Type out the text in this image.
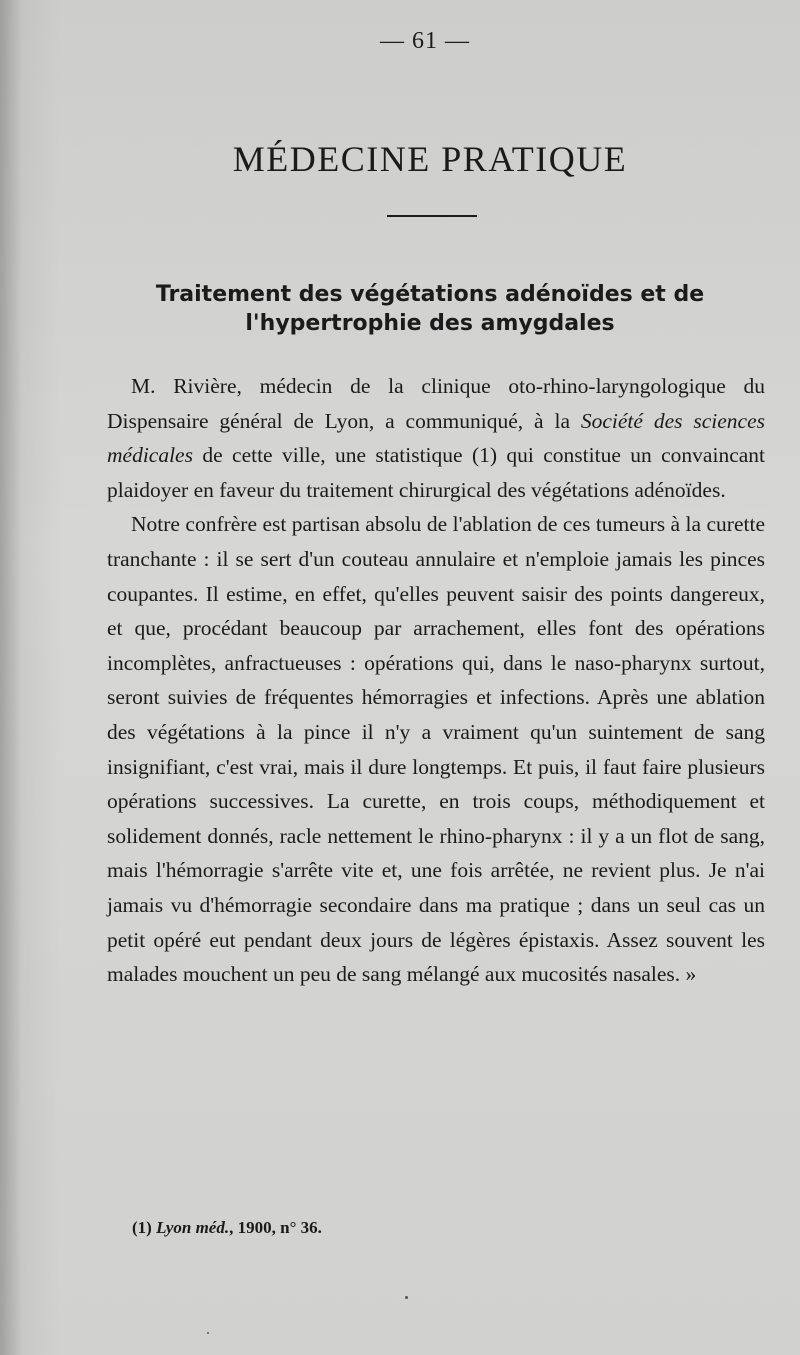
— 61 —
MÉDECINE PRATIQUE
Traitement des végétations adénoïdes et de
l'hypertrophie des amygdales

M. Rivière, médecin de la clinique oto-rhino-laryngologique du Dispensaire général de Lyon, a communiqué, à la Société des sciences médicales de cette ville, une statistique (1) qui constitue un convaincant plaidoyer en faveur du traitement chirurgical des végétations adénoïdes.

Notre confrère est partisan absolu de l'ablation de ces tumeurs à la curette tranchante : il se sert d'un couteau annulaire et n'emploie jamais les pinces coupantes. Il estime, en effet, qu'elles peuvent saisir des points dangereux, et que, procédant beaucoup par arrachement, elles font des opérations incomplètes, anfractueuses : opérations qui, dans le naso-pharynx surtout, seront suivies de fréquentes hémorragies et infections. Après une ablation des végétations à la pince il n'y a vraiment qu'un suintement de sang insignifiant, c'est vrai, mais il dure longtemps. Et puis, il faut faire plusieurs opérations successives. La curette, en trois coups, méthodiquement et solidement donnés, racle nettement le rhino-pharynx : il y a un flot de sang, mais l'hémorragie s'arrête vite et, une fois arrêtée, ne revient plus. Je n'ai jamais vu d'hémorragie secondaire dans ma pratique ; dans un seul cas un petit opéré eut pendant deux jours de légères épistaxis. Assez souvent les malades mouchent un peu de sang mélangé aux mucosités nasales. »

(1) Lyon méd., 1900, n° 36.
